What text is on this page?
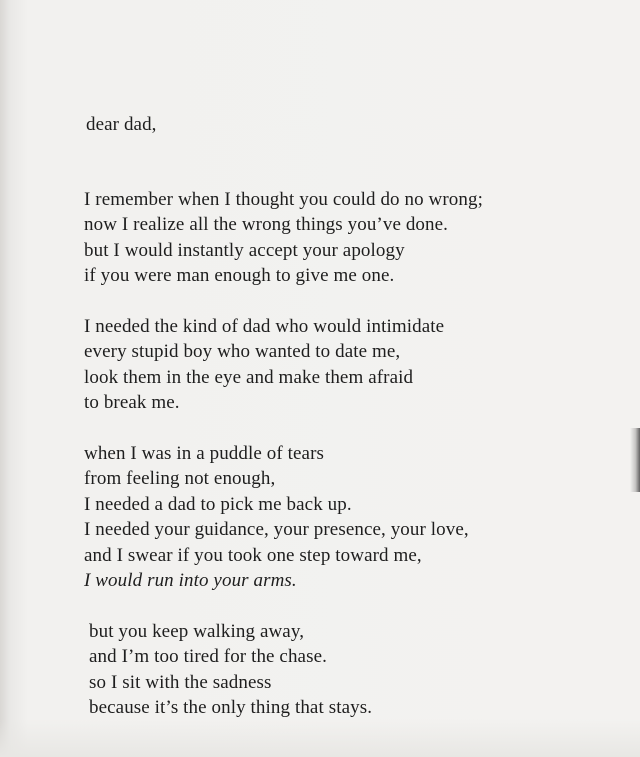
dear dad,
I remember when I thought you could do no wrong;
now I realize all the wrong things you’ve done.
but I would instantly accept your apology
if you were man enough to give me one.
I needed the kind of dad who would intimidate
every stupid boy who wanted to date me,
look them in the eye and make them afraid
to break me.
when I was in a puddle of tears
from feeling not enough,
I needed a dad to pick me back up.
I needed your guidance, your presence, your love,
and I swear if you took one step toward me,
I would run into your arms.
but you keep walking away,
and I’m too tired for the chase.
so I sit with the sadness
because it’s the only thing that stays.
